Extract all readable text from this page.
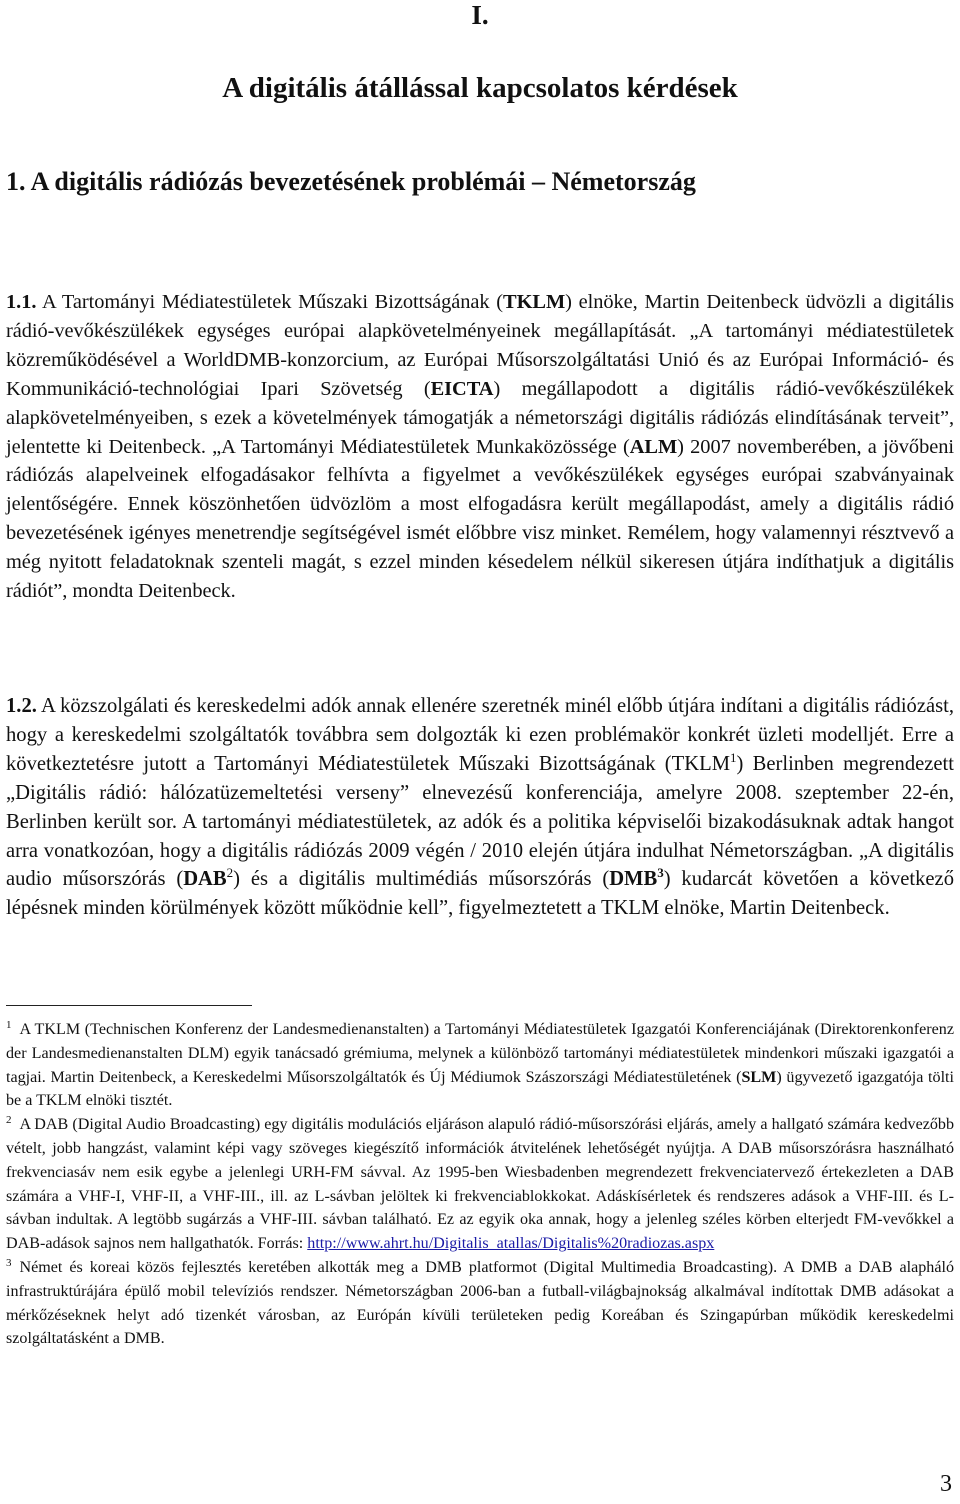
I.
A digitális átállással kapcsolatos kérdések
1. A digitális rádiózás bevezetésének problémái – Németország

1.1. A Tartományi Médiatestületek Műszaki Bizottságának (TKLM) elnöke, Martin Deitenbeck üdvözli a digitális rádió-vevőkészülékek egységes európai alapkövetelményeinek megállapítását. „A tartományi médiatestületek közreműködésével a WorldDMB-konzorcium, az Európai Műsorszolgáltatási Unió és az Európai Információ- és Kommunikáció-technológiai Ipari Szövetség (EICTA) megállapodott a digitális rádió-vevőkészülékek alapkövetelményeiben, s ezek a követelmények támogatják a németországi digitális rádiózás elindításának terveit”, jelentette ki Deitenbeck. „A Tartományi Médiatestületek Munkaközössége (ALM) 2007 novemberében, a jövőbeni rádiózás alapelveinek elfogadásakor felhívta a figyelmet a vevőkészülékek egységes európai szabványainak jelentőségére. Ennek köszönhetően üdvözlöm a most elfogadásra került megállapodást, amely a digitális rádió bevezetésének igényes menetrendje segítségével ismét előbbre visz minket. Remélem, hogy valamennyi résztvevő a még nyitott feladatoknak szenteli magát, s ezzel minden késedelem nélkül sikeresen útjára indíthatjuk a digitális rádiót”, mondta Deitenbeck.

1.2. A közszolgálati és kereskedelmi adók annak ellenére szeretnék minél előbb útjára indítani a digitális rádiózást, hogy a kereskedelmi szolgáltatók továbbra sem dolgozták ki ezen problémakör konkrét üzleti modelljét. Erre a következtetésre jutott a Tartományi Médiatestületek Műszaki Bizottságának (TKLM$^1$) Berlinben megrendezett „Digitális rádió: hálózatüzemeltetési verseny” elnevezésű konferenciája, amelyre 2008. szeptember 22-én, Berlinben került sor. A tartományi médiatestületek, az adók és a politika képviselői bizakodásuknak adtak hangot arra vonatkozóan, hogy a digitális rádiózás 2009 végén / 2010 elején útjára indulhat Németországban. „A digitális audio műsorszórás (DAB$^2$) és a digitális multimédiás műsorszórás (DMB$^3$) kudarcát követően a következő lépésnek minden körülmények között működnie kell”, figyelmeztetett a TKLM elnöke, Martin Deitenbeck.

$^1$ A TKLM (Technischen Konferenz der Landesmedienanstalten) a Tartományi Médiatestületek Igazgatói Konferenciájának (Direktorenkonferenz der Landesmedienanstalten DLM) egyik tanácsadó grémiuma, melynek a különböző tartományi médiatestületek mindenkori műszaki igazgatói a tagjai. Martin Deitenbeck, a Kereskedelmi Műsorszolgáltatók és Új Médiumok Szászországi Médiatestületének (SLM) ügyvezető igazgatója tölti be a TKLM elnöki tisztét.

$^2$ A DAB (Digital Audio Broadcasting) egy digitális modulációs eljáráson alapuló rádió-műsorszórási eljárás, amely a hallgató számára kedvezőbb vételt, jobb hangzást, valamint képi vagy szöveges kiegészítő információk átvitelének lehetőségét nyújtja. A DAB műsorszórásra használható frekvenciasáv nem esik egybe a jelenlegi URH-FM sávval. Az 1995-ben Wiesbadenben megrendezett frekvenciatervező értekezleten a DAB számára a VHF-I, VHF-II, a VHF-III., ill. az L-sávban jelöltek ki frekvenciablokkokat. Adáskísérletek és rendszeres adások a VHF-III. és L-sávban indultak. A legtöbb sugárzás a VHF-III. sávban található. Ez az egyik oka annak, hogy a jelenleg széles körben elterjedt FM-vevőkkel a DAB-adások sajnos nem hallgathatók. Forrás: http://www.ahrt.hu/Digitalis_atallas/Digitalis%20radiozas.aspx

$^3$ Német és koreai közös fejlesztés keretében alkották meg a DMB platformot (Digital Multimedia Broadcasting). A DMB a DAB alapháló infrastruktúrájára épülő mobil televíziós rendszer. Németországban 2006-ban a futball-világbajnokság alkalmával indítottak DMB adásokat a mérkőzéseknek helyt adó tizenkét városban, az Európán kívüli területeken pedig Koreában és Szingapúrban működik kereskedelmi szolgáltatásként a DMB.

3
